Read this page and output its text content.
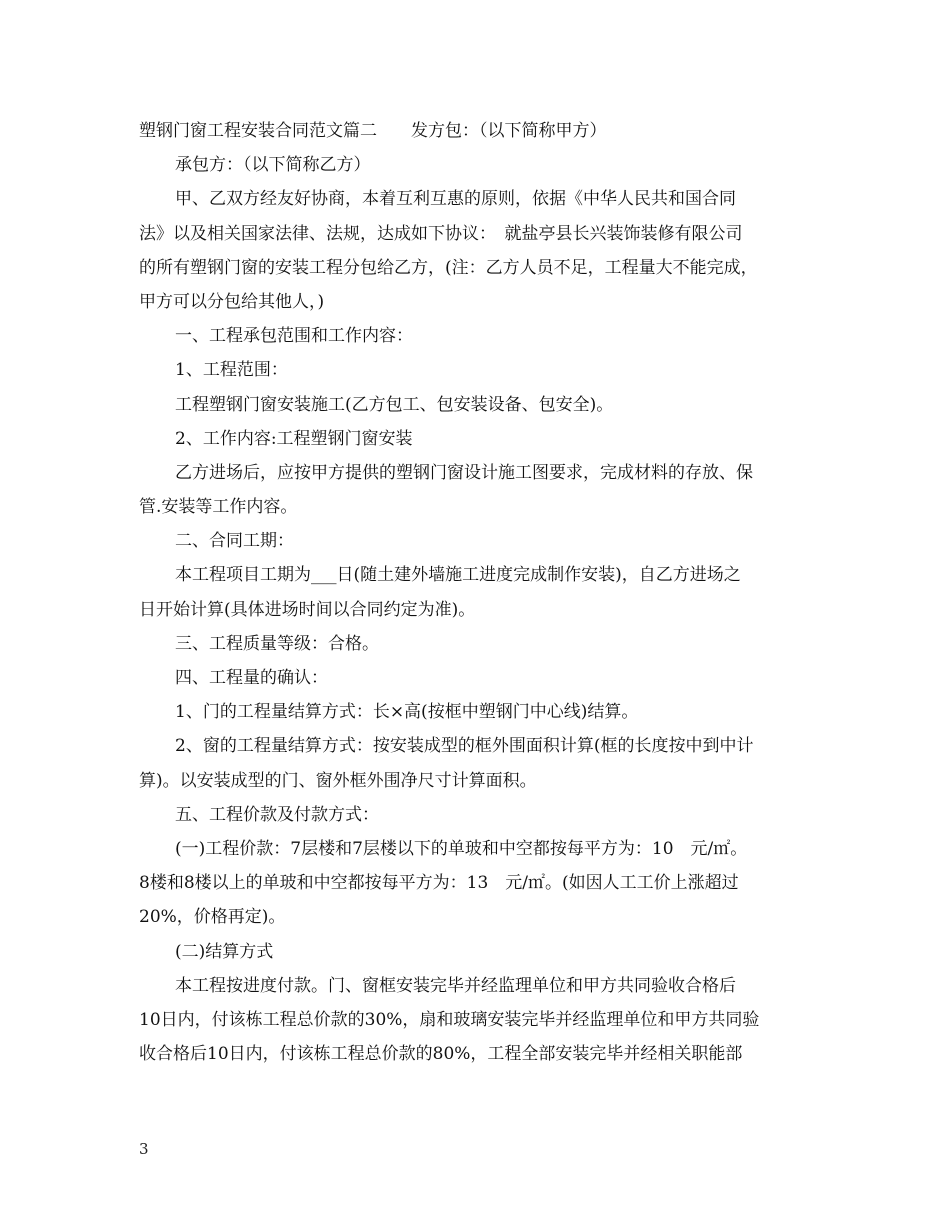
塑钢门窗工程安装合同范文篇二　　发方包：（以下简称甲方）
承包方：（以下简称乙方）
甲、乙双方经友好协商，本着互利互惠的原则，依据《中华人民共和国合同
法》以及相关国家法律、法规，达成如下协议：　就盐亭县长兴装饰装修有限公司
的所有塑钢门窗的安装工程分包给乙方，(注：乙方人员不足，工程量大不能完成，
甲方可以分包给其他人，)
一、工程承包范围和工作内容：
1、工程范围：
工程塑钢门窗安装施工(乙方包工、包安装设备、包安全)。
2、工作内容:工程塑钢门窗安装
乙方进场后，应按甲方提供的塑钢门窗设计施工图要求，完成材料的存放、保
管.安装等工作内容。
二、合同工期：
本工程项目工期为___日(随土建外墙施工进度完成制作安装)，自乙方进场之
日开始计算(具体进场时间以合同约定为准)。
三、工程质量等级：合格。
四、工程量的确认：
1、门的工程量结算方式：长×高(按框中塑钢门中心线)结算。
2、窗的工程量结算方式：按安装成型的框外围面积计算(框的长度按中到中计
算)。以安装成型的门、窗外框外围净尺寸计算面积。
五、工程价款及付款方式：
(一)工程价款：7层楼和7层楼以下的单玻和中空都按每平方为：10　元/㎡。
8楼和8楼以上的单玻和中空都按每平方为：13　元/㎡。(如因人工工价上涨超过
20%，价格再定)。
(二)结算方式
本工程按进度付款。门、窗框安装完毕并经监理单位和甲方共同验收合格后
10日内，付该栋工程总价款的30%，扇和玻璃安装完毕并经监理单位和甲方共同验
收合格后10日内，付该栋工程总价款的80%，工程全部安装完毕并经相关职能部
3
